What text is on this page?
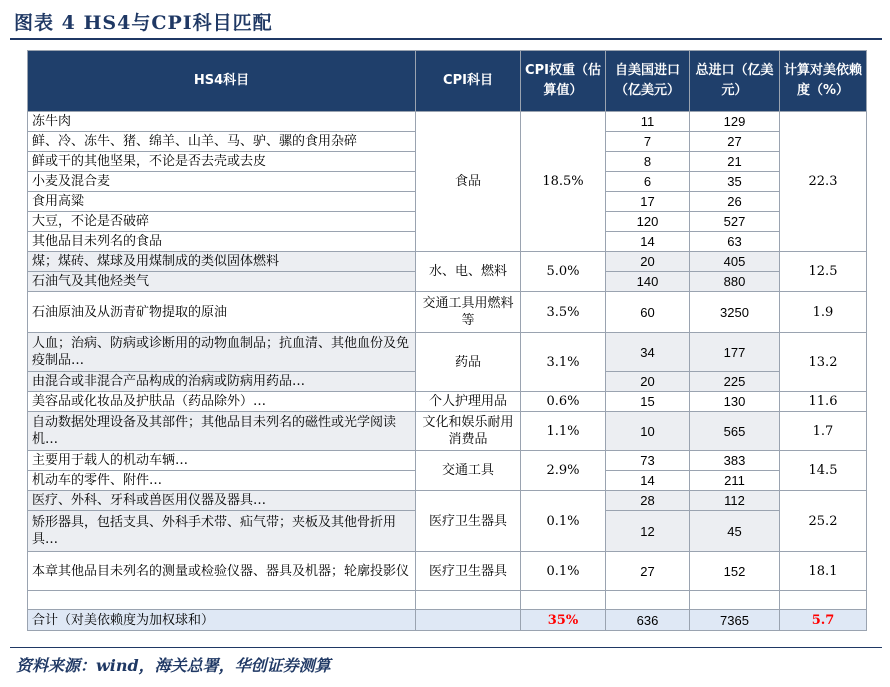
图表 4 HS4与CPI科目匹配
HS4科目	CPI科目	CPI权重（估算值）	自美国进口（亿美元）	总进口（亿美元）	计算对美依赖度（%）
冻牛肉	食品	18.5%	11	129	22.3
鲜、冷、冻牛、猪、绵羊、山羊、马、驴、骡的食用杂碎			7	27	
鲜或干的其他坚果，不论是否去壳或去皮			8	21	
小麦及混合麦			6	35	
食用高粱			17	26	
大豆，不论是否破碎			120	527	
其他品目未列名的食品			14	63	
煤；煤砖、煤球及用煤制成的类似固体燃料	水、电、燃料	5.0%	20	405	12.5
石油气及其他烃类气			140	880	
石油原油及从沥青矿物提取的原油	交通工具用燃料等	3.5%	60	3250	1.9
人血；治病、防病或诊断用的动物血制品；抗血清、其他血份及免疫制品…	药品	3.1%	34	177	13.2
由混合或非混合产品构成的治病或防病用药品…			20	225	
美容品或化妆品及护肤品（药品除外）…	个人护理用品	0.6%	15	130	11.6
自动数据处理设备及其部件；其他品目未列名的磁性或光学阅读机…	文化和娱乐耐用消费品	1.1%	10	565	1.7
主要用于载人的机动车辆…	交通工具	2.9%	73	383	14.5
机动车的零件、附件…			14	211	
医疗、外科、牙科或兽医用仪器及器具…	医疗卫生器具	0.1%	28	112	25.2
矫形器具，包括支具、外科手术带、疝气带；夹板及其他骨折用具…			12	45	
本章其他品目未列名的测量或检验仪器、器具及机器；轮廓投影仪	医疗卫生器具	0.1%	27	152	18.1

合计（对美依赖度为加权球和）		35%	636	7365	5.7
资料来源：wind，海关总署，华创证券测算
